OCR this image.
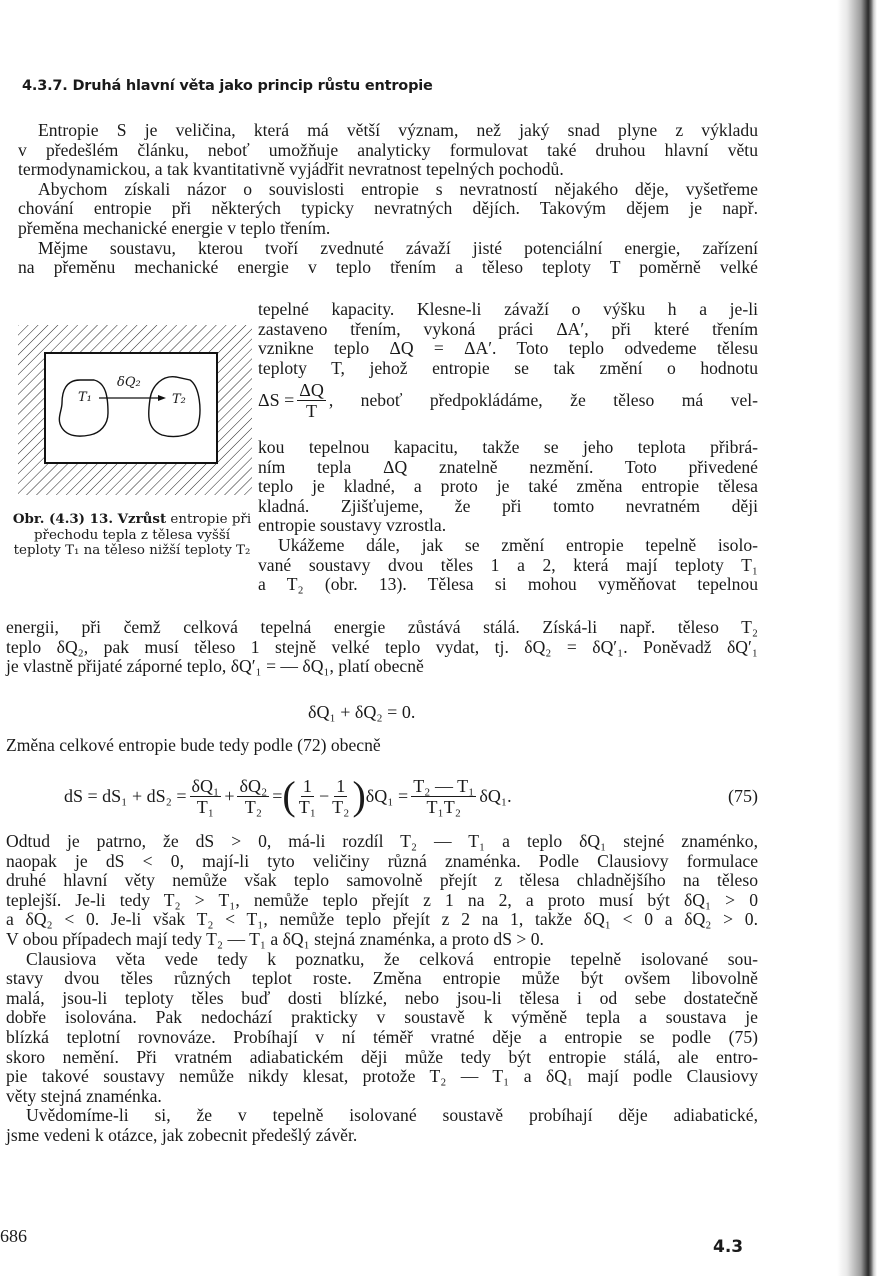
4.3.7. Druhá hlavní věta jako princip růstu entropie
Entropie S je veličina, která má větší význam, než jaký snad plyne z výkladu
v předešlém článku, neboť umožňuje analyticky formulovat také druhou hlavní větu
termodynamickou, a tak kvantitativně vyjádřit nevratnost tepelných pochodů.
Abychom získali názor o souvislosti entropie s nevratností nějakého děje, vyšetřeme
chování entropie při některých typicky nevratných dějích. Takovým dějem je např.
přeměna mechanické energie v teplo třením.
Mějme soustavu, kterou tvoří zvednuté závaží jisté potenciální energie, zařízení
na přeměnu mechanické energie v teplo třením a těleso teploty T poměrně velké
tepelné kapacity. Klesne-li závaží o výšku h a je-li
zastaveno třením, vykoná práci ΔA′, při které třením
vznikne teplo ΔQ = ΔA′. Toto teplo odvedeme tělesu
teploty T, jehož entropie se tak změní o hodnotu
$\Delta S = \frac{\Delta Q}{T}$ , neboť předpokládáme, že těleso má vel-
kou tepelnou kapacitu, takže se jeho teplota přibrá-
ním tepla ΔQ znatelně nezmění. Toto přivedené
teplo je kladné, a proto je také změna entropie tělesa
kladná. Zjišťujeme, že při tomto nevratném ději
entropie soustavy vzrostla.
Ukážeme dále, jak se změní entropie tepelně isolo-
vané soustavy dvou těles 1 a 2, která mají teploty T₁
a T₂ (obr. 13). Tělesa si mohou vyměňovat tepelnou
T₁
δQ₂
T₂
Obr. (4.3) 13. Vzrůst entropie při přechodu tepla z tělesa vyšší teploty T₁ na těleso nižší teploty T₂
energii, při čemž celková tepelná energie zůstává stálá. Získá-li např. těleso T₂
teplo δQ₂, pak musí těleso 1 stejně velké teplo vydat, tj. δQ₂ = δQ′₁. Poněvadž δQ′₁
je vlastně přijaté záporné teplo, δQ′₁ = — δQ₁, platí obecně
δQ₁ + δQ₂ = 0.
Změna celkové entropie bude tedy podle (72) obecně
dS = $dS_1 + dS_2 = \frac{\text{δQ₁}}{\text{T₁}} + \frac{\text{δQ₂}}{\text{T₂}}$ = ( $\frac{1}{\text{T₁}} - \frac{1}{\text{T₂}}$ ) $\delta Q_1 = \frac{\text{T₂ — T₁}}{\text{T₁T₂}} \delta Q_1$.	(75)
Odtud je patrno, že dS > 0, má-li rozdíl T₂ — T₁ a teplo δQ₁ stejné znaménko,
naopak je dS < 0, mají-li tyto veličiny různá znaménka. Podle Clausiovy formulace
druhé hlavní věty nemůže však teplo samovolně přejít z tělesa chladnějšího na těleso
teplejší. Je-li tedy T₂ > T₁, nemůže teplo přejít z 1 na 2, a proto musí být δQ₁ > 0
a δQ₂ < 0. Je-li však T₂ < T₁, nemůže teplo přejít z 2 na 1, takže δQ₁ < 0 a δQ₂ > 0.
V obou případech mají tedy T₂ — T₁ a δQ₁ stejná znaménka, a proto dS > 0.
Clausiova věta vede tedy k poznatku, že celková entropie tepelně isolované sou-
stavy dvou těles různých teplot roste. Změna entropie může být ovšem libovolně
malá, jsou-li teploty těles buď dosti blízké, nebo jsou-li tělesa i od sebe dostatečně
dobře isolována. Pak nedochází prakticky v soustavě k výměně tepla a soustava je
blízká teplotní rovnováze. Probíhají v ní téměř vratné děje a entropie se podle (75)
skoro nemění. Při vratném adiabatickém ději může tedy být entropie stálá, ale entro-
pie takové soustavy nemůže nikdy klesat, protože T₂ — T₁ a δQ₁ mají podle Clausiovy
věty stejná znaménka.
Uvědomíme-li si, že v tepelně isolované soustavě probíhají děje adiabatické,
jsme vedeni k otázce, jak zobecnit předešlý závěr.
686
4.3
